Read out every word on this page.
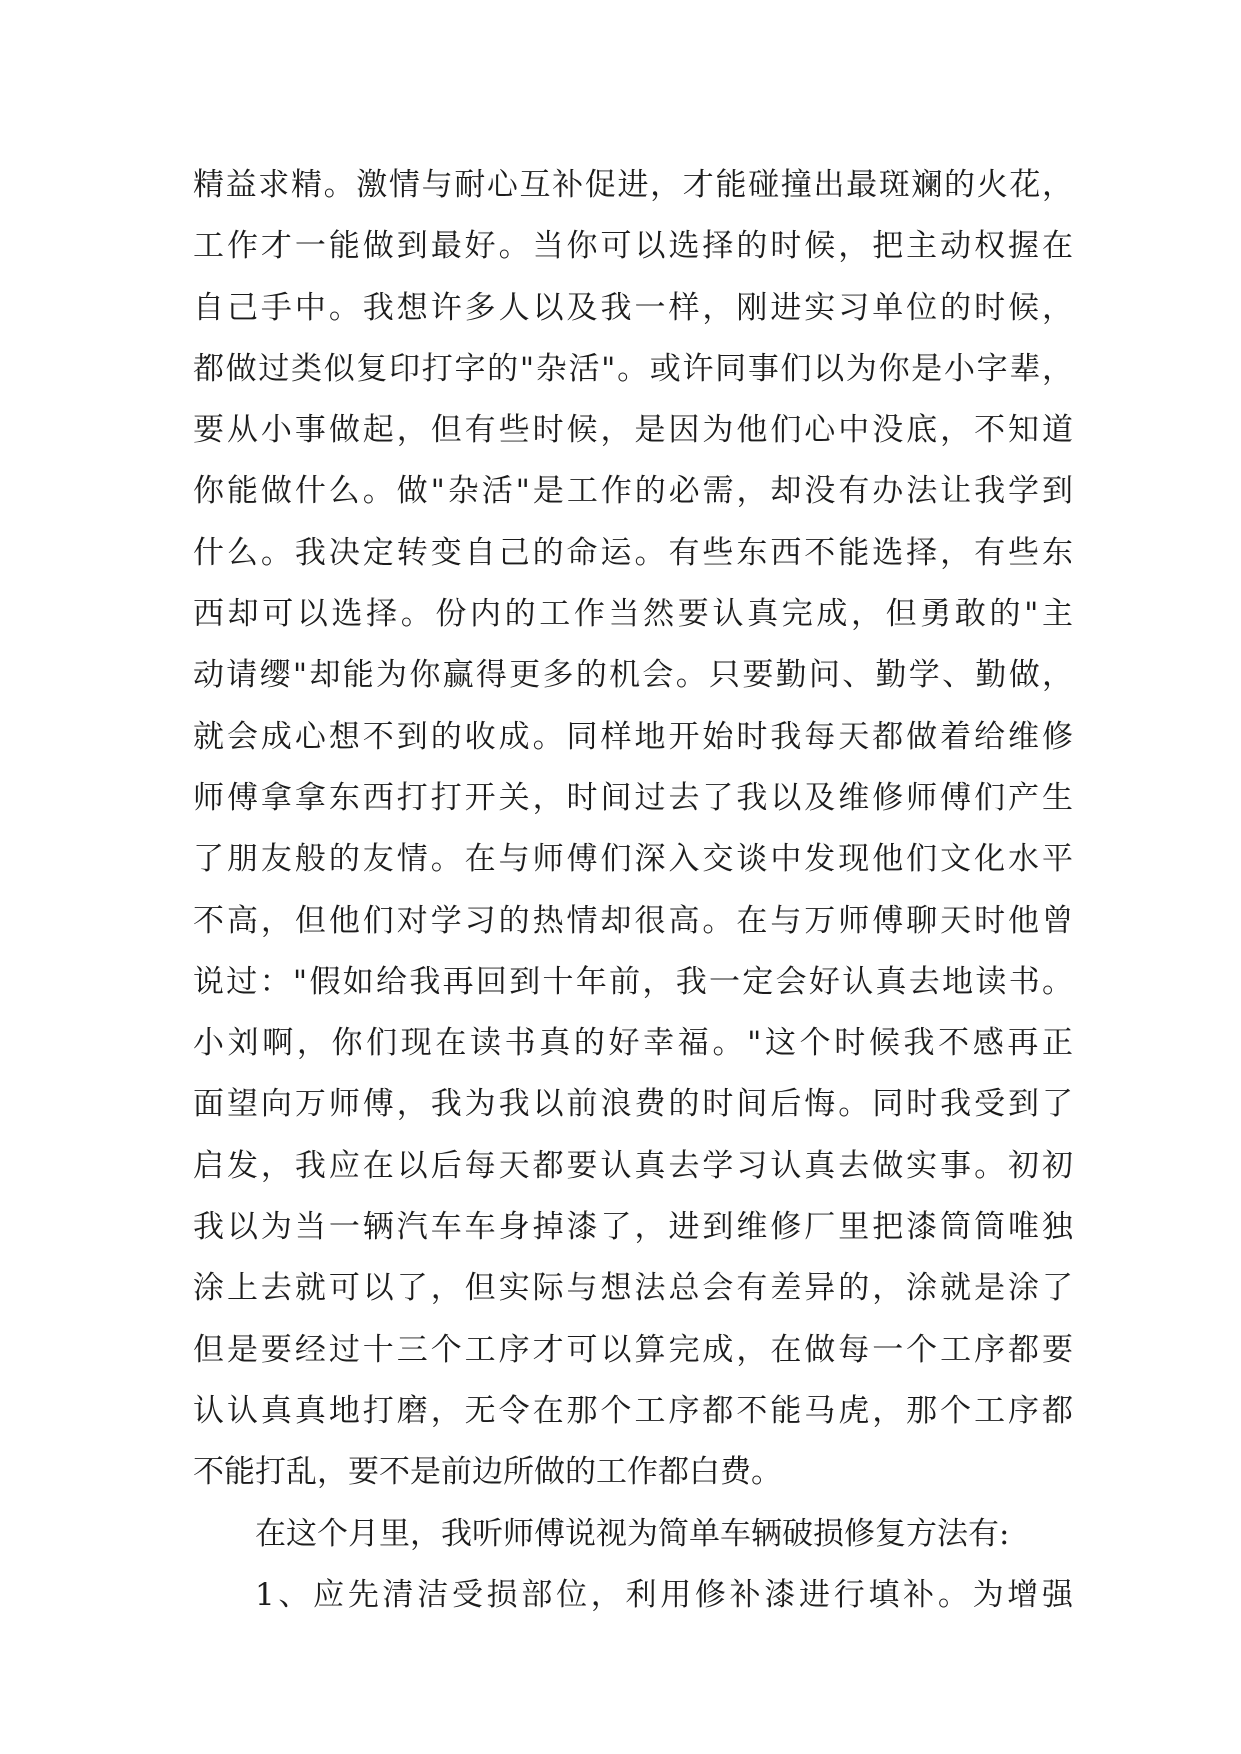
精益求精。激情与耐心互补促进，才能碰撞出最斑斓的火花，
工作才一能做到最好。当你可以选择的时候，把主动权握在
自己手中。我想许多人以及我一样，刚进实习单位的时候，
都做过类似复印打字的"杂活"。或许同事们以为你是小字辈，
要从小事做起，但有些时候，是因为他们心中没底，不知道
你能做什么。做"杂活"是工作的必需，却没有办法让我学到
什么。我决定转变自己的命运。有些东西不能选择，有些东
西却可以选择。份内的工作当然要认真完成，但勇敢的"主
动请缨"却能为你赢得更多的机会。只要勤问、勤学、勤做，
就会成心想不到的收成。同样地开始时我每天都做着给维修
师傅拿拿东西打打开关，时间过去了我以及维修师傅们产生
了朋友般的友情。在与师傅们深入交谈中发现他们文化水平
不高，但他们对学习的热情却很高。在与万师傅聊天时他曾
说过："假如给我再回到十年前，我一定会好认真去地读书。
小刘啊，你们现在读书真的好幸福。"这个时候我不感再正
面望向万师傅，我为我以前浪费的时间后悔。同时我受到了
启发，我应在以后每天都要认真去学习认真去做实事。初初
我以为当一辆汽车车身掉漆了，进到维修厂里把漆筒筒唯独
涂上去就可以了，但实际与想法总会有差异的，涂就是涂了
但是要经过十三个工序才可以算完成，在做每一个工序都要
认认真真地打磨，无令在那个工序都不能马虎，那个工序都
不能打乱，要不是前边所做的工作都白费。
在这个月里，我听师傅说视为简单车辆破损修复方法有:
1、应先清洁受损部位，利用修补漆进行填补。为增强
